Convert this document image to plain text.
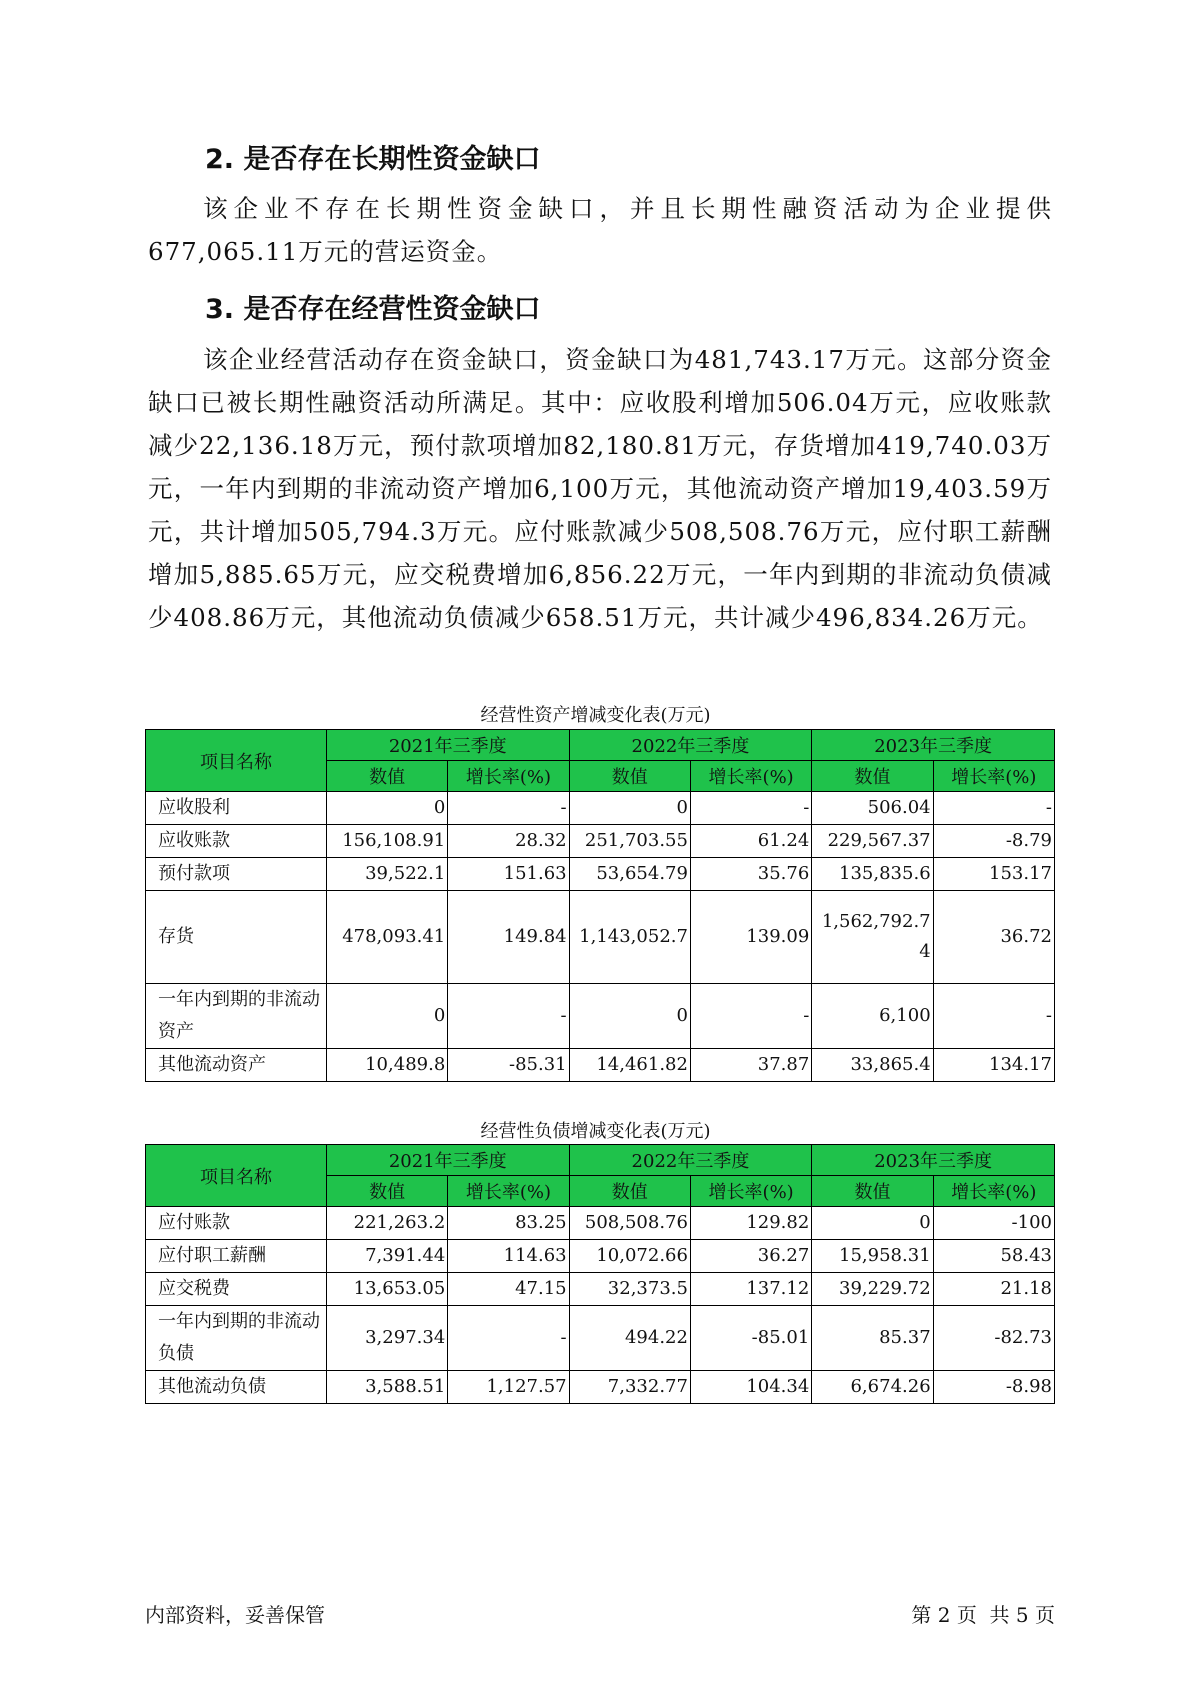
2. 是否存在长期性资金缺口

该企业不存在长期性资金缺口，并且长期性融资活动为企业提供677,065.11万元的营运资金。

3. 是否存在经营性资金缺口

该企业经营活动存在资金缺口，资金缺口为481,743.17万元。这部分资金缺口已被长期性融资活动所满足。其中：应收股利增加506.04万元，应收账款减少22,136.18万元，预付款项增加82,180.81万元，存货增加419,740.03万元，一年内到期的非流动资产增加6,100万元，其他流动资产增加19,403.59万元，共计增加505,794.3万元。应付账款减少508,508.76万元，应付职工薪酬增加5,885.65万元，应交税费增加6,856.22万元，一年内到期的非流动负债减少408.86万元，其他流动负债减少658.51万元，共计减少496,834.26万元。

经营性资产增减变化表(万元)
项目名称	2021年三季度		2022年三季度		2023年三季度	
	数值	增长率(%)	数值	增长率(%)	数值	增长率(%)
应收股利	0	-	0	-	506.04	-
应收账款	156,108.91	28.32	251,703.55	61.24	229,567.37	-8.79
预付款项	39,522.1	151.63	53,654.79	35.76	135,835.6	153.17
存货	478,093.41	149.84	1,143,052.7	139.09	1,562,792.74	36.72
一年内到期的非流动资产	0	-	0	-	6,100	-
其他流动资产	10,489.8	-85.31	14,461.82	37.87	33,865.4	134.17
经营性负债增减变化表(万元)
项目名称	2021年三季度		2022年三季度		2023年三季度	
	数值	增长率(%)	数值	增长率(%)	数值	增长率(%)
应付账款	221,263.2	83.25	508,508.76	129.82	0	-100
应付职工薪酬	7,391.44	114.63	10,072.66	36.27	15,958.31	58.43
应交税费	13,653.05	47.15	32,373.5	137.12	39,229.72	21.18
一年内到期的非流动负债	3,297.34	-	494.22	-85.01	85.37	-82.73
其他流动负债	3,588.51	1,127.57	7,332.77	104.34	6,674.26	-8.98
内部资料，妥善保管	第 2 页  共 5 页
